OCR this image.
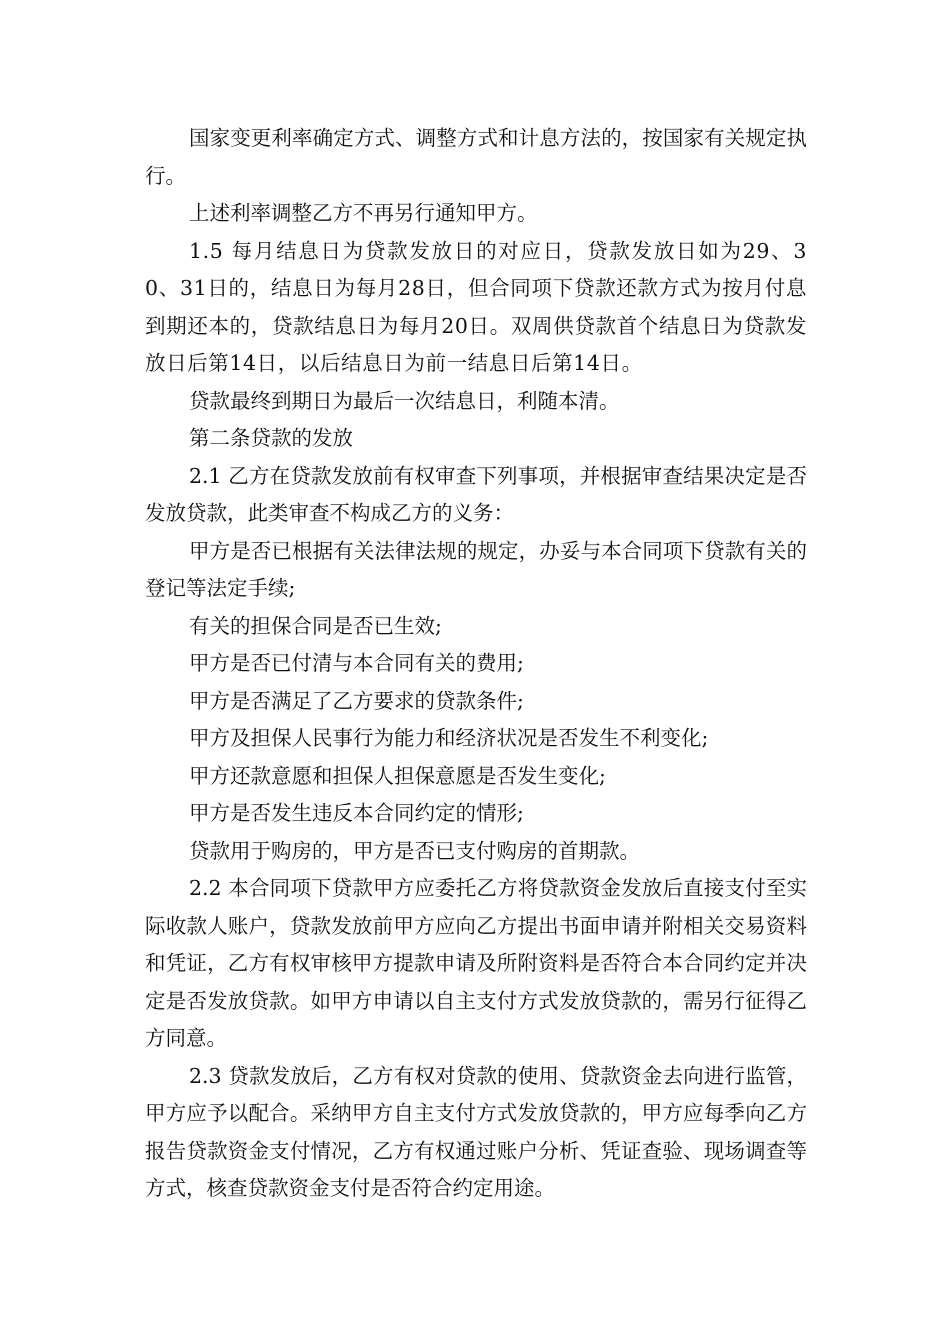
国家变更利率确定方式、调整方式和计息方法的，按国家有关规定执行。

上述利率调整乙方不再另行通知甲方。

1.5 每月结息日为贷款发放日的对应日，贷款发放日如为29、30、31日的，结息日为每月28日，但合同项下贷款还款方式为按月付息到期还本的，贷款结息日为每月20日。双周供贷款首个结息日为贷款发放日后第14日，以后结息日为前一结息日后第14日。

贷款最终到期日为最后一次结息日，利随本清。

第二条贷款的发放

2.1 乙方在贷款发放前有权审查下列事项，并根据审查结果决定是否发放贷款，此类审查不构成乙方的义务：

甲方是否已根据有关法律法规的规定，办妥与本合同项下贷款有关的登记等法定手续;

有关的担保合同是否已生效;

甲方是否已付清与本合同有关的费用;

甲方是否满足了乙方要求的贷款条件;

甲方及担保人民事行为能力和经济状况是否发生不利变化;

甲方还款意愿和担保人担保意愿是否发生变化;

甲方是否发生违反本合同约定的情形;

贷款用于购房的，甲方是否已支付购房的首期款。

2.2 本合同项下贷款甲方应委托乙方将贷款资金发放后直接支付至实际收款人账户，贷款发放前甲方应向乙方提出书面申请并附相关交易资料和凭证，乙方有权审核甲方提款申请及所附资料是否符合本合同约定并决定是否发放贷款。如甲方申请以自主支付方式发放贷款的，需另行征得乙方同意。

2.3 贷款发放后，乙方有权对贷款的使用、贷款资金去向进行监管，甲方应予以配合。采纳甲方自主支付方式发放贷款的，甲方应每季向乙方报告贷款资金支付情况，乙方有权通过账户分析、凭证查验、现场调查等方式，核查贷款资金支付是否符合约定用途。
